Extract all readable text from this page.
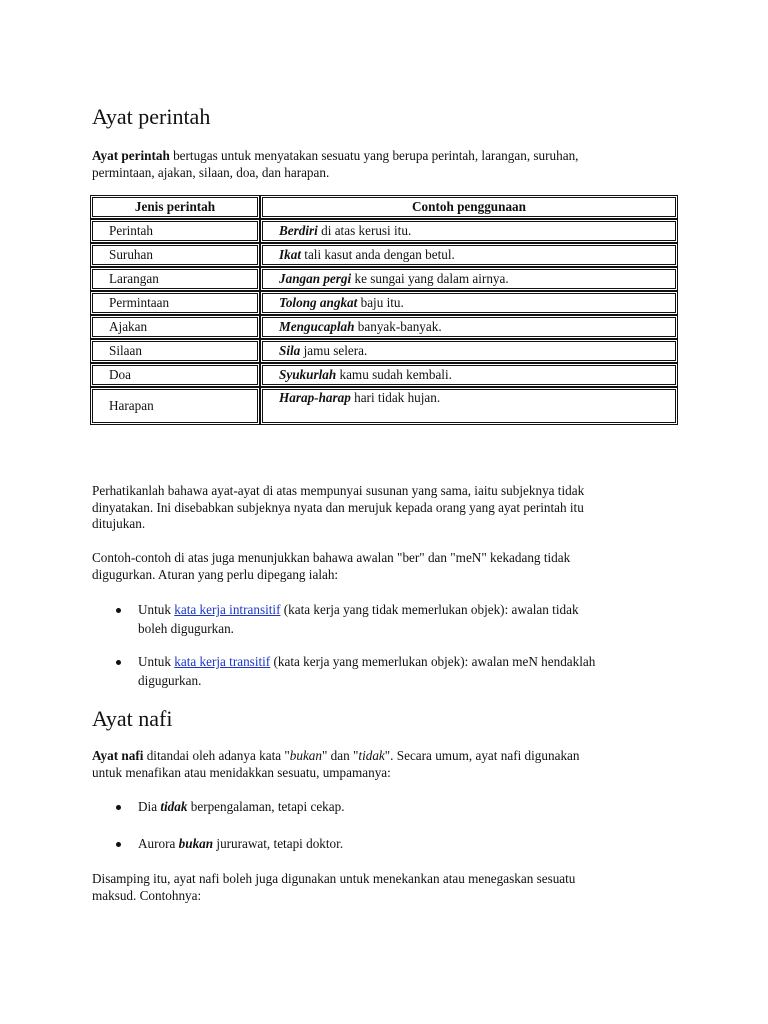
Ayat perintah

Ayat perintah bertugas untuk menyatakan sesuatu yang berupa perintah, larangan, suruhan,
permintaan, ajakan, silaan, doa, dan harapan.

Jenis perintah	Contoh penggunaan
Perintah	Berdiri di atas kerusi itu.
Suruhan	Ikat tali kasut anda dengan betul.
Larangan	Jangan pergi ke sungai yang dalam airnya.
Permintaan	Tolong angkat baju itu.
Ajakan	Mengucaplah banyak-banyak.
Silaan	Sila jamu selera.
Doa	Syukurlah kamu sudah kembali.
Harapan	Harap-harap hari tidak hujan.

Perhatikanlah bahawa ayat-ayat di atas mempunyai susunan yang sama, iaitu subjeknya tidak
dinyatakan. Ini disebabkan subjeknya nyata dan merujuk kepada orang yang ayat perintah itu
ditujukan.

Contoh-contoh di atas juga menunjukkan bahawa awalan "ber" dan "meN" kekadang tidak
digugurkan. Aturan yang perlu dipegang ialah:

Untuk kata kerja intransitif (kata kerja yang tidak memerlukan objek): awalan tidak
boleh digugurkan.
Untuk kata kerja transitif (kata kerja yang memerlukan objek): awalan meN hendaklah
digugurkan.
Ayat nafi

Ayat nafi ditandai oleh adanya kata "bukan" dan "tidak". Secara umum, ayat nafi digunakan
untuk menafikan atau menidakkan sesuatu, umpamanya:

Dia tidak berpengalaman, tetapi cekap.
Aurora bukan jururawat, tetapi doktor.

Disamping itu, ayat nafi boleh juga digunakan untuk menekankan atau menegaskan sesuatu
maksud. Contohnya:
